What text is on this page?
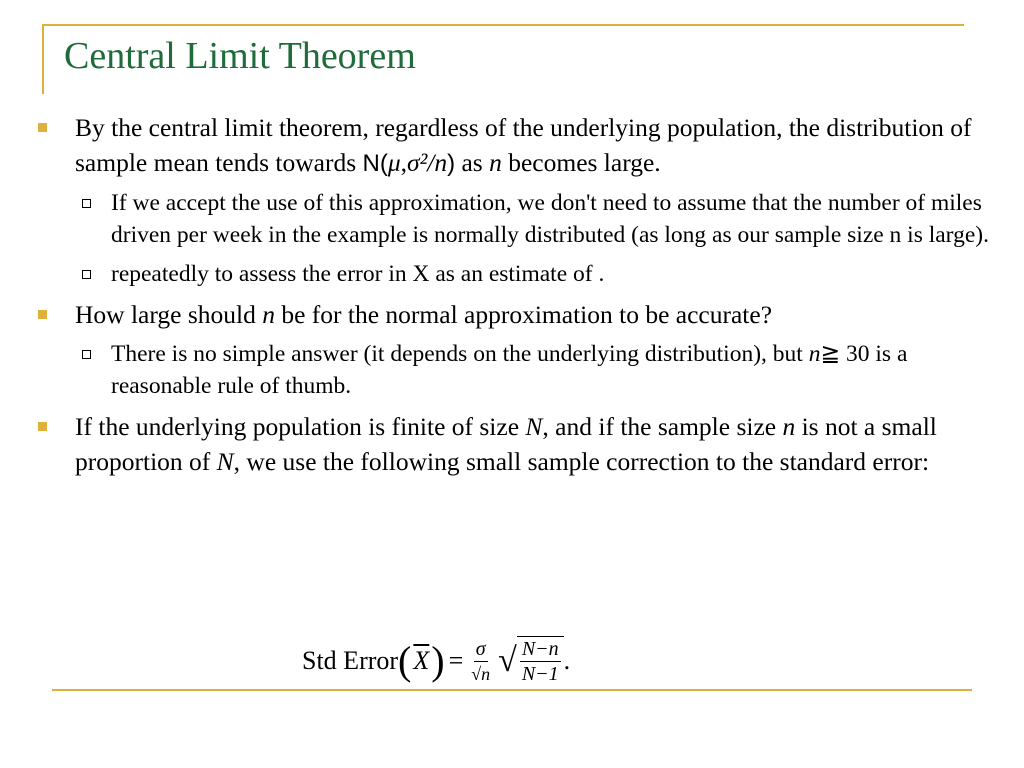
Central Limit Theorem
By the central limit theorem, regardless of the underlying population, the distribution of sample mean tends towards N(μ,σ²/n) as n becomes large.
If we accept the use of this approximation, we don't need to assume that the number of miles driven per week in the example is normally distributed (as long as our sample size n is large).
repeatedly to assess the error in X as an estimate of .
How large should n be for the normal approximation to be accurate?
There is no simple answer (it depends on the underlying distribution), but n≧ 30 is a reasonable rule of thumb.
If the underlying population is finite of size N, and if the sample size n is not a small proportion of N, we use the following small sample correction to the standard error:
Std Error ( $\overline{X}$ ) = $\frac{\sigma}{√n}$ √ N−n
N−1 .
